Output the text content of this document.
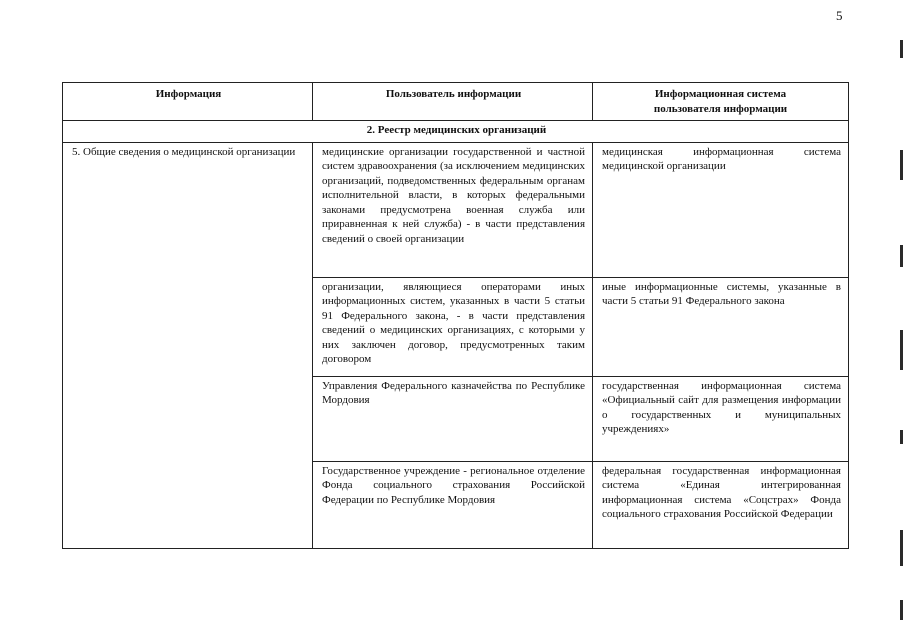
5
Информация	Пользователь информации	Информационная система пользователя информации
2. Реестр медицинских организаций		
5. Общие сведения о медицинской организации	медицинские организации государственной и частной систем здравоохранения (за исключением медицинских организаций, подведомственных федеральным органам исполнительной власти, в которых федеральными законами предусмотрена военная служба или приравненная к ней служба) - в части представления сведений о своей организации	медицинская информационная система медицинской организации
	организации, являющиеся операторами иных информационных систем, указанных в части 5 статьи 91 Федерального закона, - в части представления сведений о медицинских организациях, с которыми у них заключен договор, предусмотренных таким договором	иные информационные системы, указанные в части 5 статьи 91 Федерального закона
	Управления Федерального казначейства по Республике Мордовия	государственная информационная система «Официальный сайт для размещения информации о государственных и муниципальных учреждениях»
	Государственное учреждение - региональное отделение Фонда социального страхования Российской Федерации по Республике Мордовия	федеральная государственная информационная система «Единая интегрированная информационная система «Соцстрах» Фонда социального страхования Российской Федерации
